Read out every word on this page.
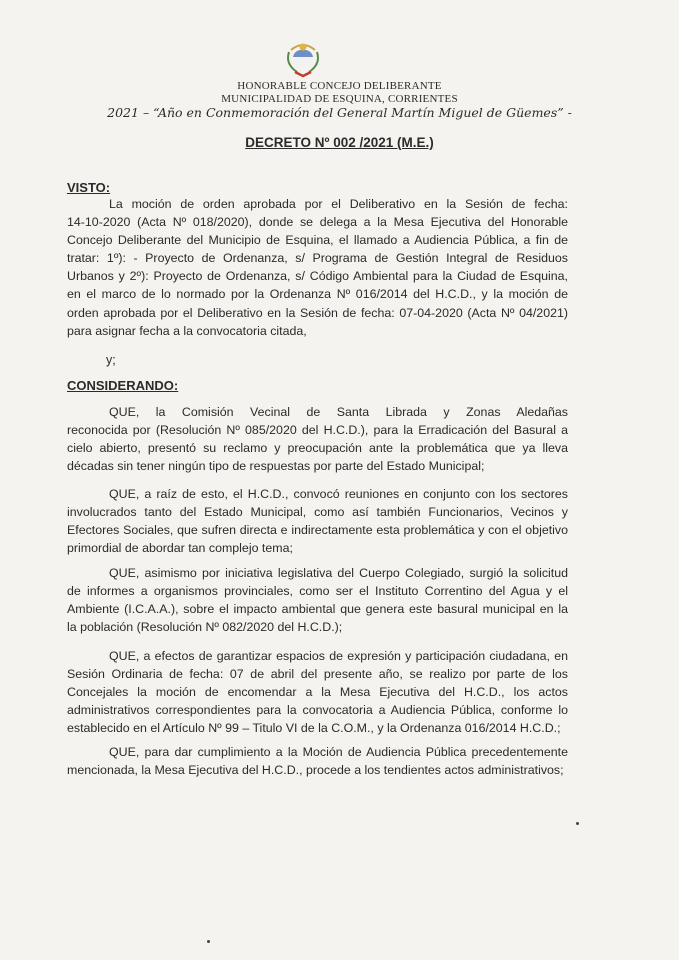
HONORABLE CONCEJO DELIBERANTE
MUNICIPALIDAD DE ESQUINA, CORRIENTES
2021 – “Año en Conmemoración del General Martín Miguel de Güemes” -
DECRETO Nº 002 /2021 (M.E.)
VISTO:
La moción de orden aprobada por el Deliberativo en la Sesión de fecha:
14-10-2020 (Acta Nº 018/2020), donde se delega a la Mesa Ejecutiva del Honorable
Concejo Deliberante del Municipio de Esquina, el llamado a Audiencia Pública, a fin de
tratar: 1º): - Proyecto de Ordenanza, s/ Programa de Gestión Integral de Residuos
Urbanos y 2º): Proyecto de Ordenanza, s/ Código Ambiental para la Ciudad de Esquina,
en el marco de lo normado por la Ordenanza Nº 016/2014 del H.C.D., y la moción de
orden aprobada por el Deliberativo en la Sesión de fecha: 07-04-2020 (Acta Nº 04/2021)
para asignar fecha a la convocatoria citada,
y;
CONSIDERANDO:
QUE, la Comisión Vecinal de Santa Librada y Zonas Aledañas
reconocida por (Resolución Nº 085/2020 del H.C.D.), para la Erradicación del Basural a
cielo abierto, presentó su reclamo y preocupación ante la problemática que ya lleva
décadas sin tener ningún tipo de respuestas por parte del Estado Municipal;
QUE, a raíz de esto, el H.C.D., convocó reuniones en conjunto con los sectores
involucrados tanto del Estado Municipal, como así también Funcionarios, Vecinos y
Efectores Sociales, que sufren directa e indirectamente esta problemática y con el objetivo
primordial de abordar tan complejo tema;
QUE, asimismo por iniciativa legislativa del Cuerpo Colegiado, surgió la solicitud
de informes a organismos provinciales, como ser el Instituto Correntino del Agua y el
Ambiente (I.C.A.A.), sobre el impacto ambiental que genera este basural municipal en la
la población (Resolución Nº 082/2020 del H.C.D.);
QUE, a efectos de garantizar espacios de expresión y participación ciudadana, en
Sesión Ordinaria de fecha: 07 de abril del presente año, se realizo por parte de los
Concejales la moción de encomendar a la Mesa Ejecutiva del H.C.D., los actos
administrativos correspondientes para la convocatoria a Audiencia Pública, conforme lo
establecido en el Artículo Nº 99 – Titulo VI de la C.O.M., y la Ordenanza 016/2014 H.C.D.;
QUE, para dar cumplimiento a la Moción de Audiencia Pública precedentemente
mencionada, la Mesa Ejecutiva del H.C.D., procede a los tendientes actos administrativos;
